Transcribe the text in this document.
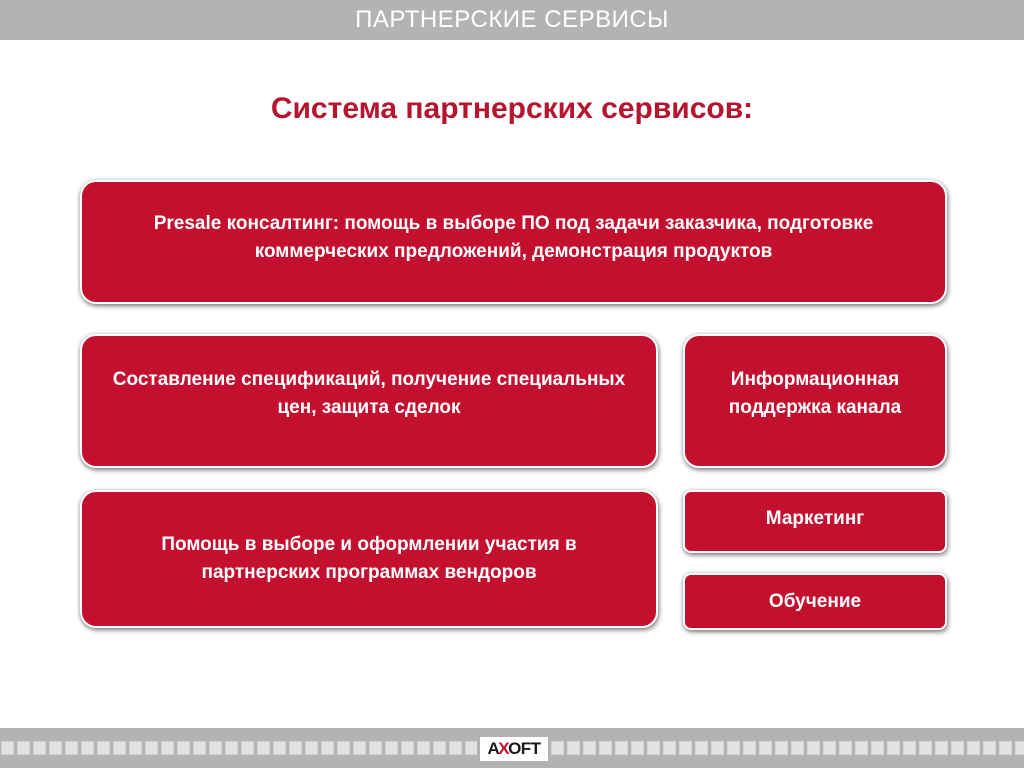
ПАРТНЕРСКИЕ СЕРВИСЫ
Система партнерских сервисов:
Presale консалтинг: помощь в выборе ПО под задачи заказчика, подготовке коммерческих предложений, демонстрация продуктов
Составление спецификаций, получение специальных цен, защита сделок
Информационная поддержка канала
Помощь в выборе и оформлении участия в партнерских программах вендоров
Маркетинг
Обучение
А Х OFT
